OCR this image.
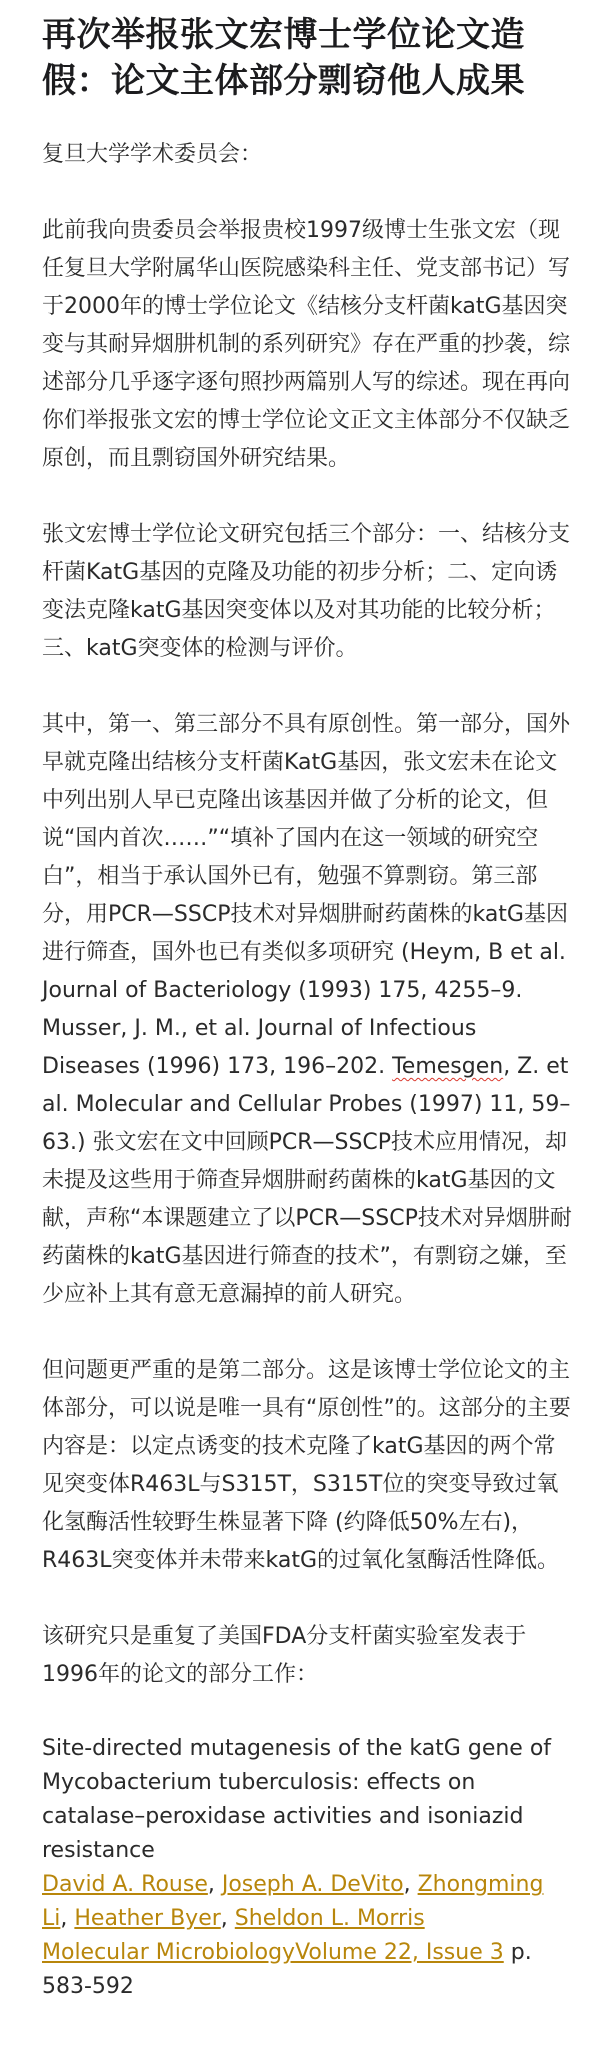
再次举报张文宏博士学位论文造假：论文主体部分剽窃他人成果

复旦大学学术委员会：

此前我向贵委员会举报贵校1997级博士生张文宏（现任复旦大学附属华山医院感染科主任、党支部书记）写于2000年的博士学位论文《结核分支杆菌katG基因突变与其耐异烟肼机制的系列研究》存在严重的抄袭，综述部分几乎逐字逐句照抄两篇别人写的综述。现在再向你们举报张文宏的博士学位论文正文主体部分不仅缺乏原创，而且剽窃国外研究结果。

张文宏博士学位论文研究包括三个部分：一、结核分支杆菌KatG基因的克隆及功能的初步分析；二、定向诱变法克隆katG基因突变体以及对其功能的比较分析；三、katG突变体的检测与评价。

其中，第一、第三部分不具有原创性。第一部分，国外早就克隆出结核分支杆菌KatG基因，张文宏未在论文中列出别人早已克隆出该基因并做了分析的论文，但说“国内首次……”“填补了国内在这一领域的研究空白”，相当于承认国外已有，勉强不算剽窃。第三部分，用PCR—SSCP技术对异烟肼耐药菌株的katG基因进行筛查，国外也已有类似多项研究 (Heym, B et al. Journal of Bacteriology (1993) 175, 4255–9. Musser, J. M., et al. Journal of Infectious Diseases (1996) 173, 196–202. Temesgen, Z. et al. Molecular and Cellular Probes (1997) 11, 59–63.) 张文宏在文中回顾PCR—SSCP技术应用情况，却未提及这些用于筛查异烟肼耐药菌株的katG基因的文献，声称“本课题建立了以PCR—SSCP技术对异烟肼耐药菌株的katG基因进行筛查的技术”，有剽窃之嫌，至少应补上其有意无意漏掉的前人研究。

但问题更严重的是第二部分。这是该博士学位论文的主体部分，可以说是唯一具有“原创性”的。这部分的主要内容是：以定点诱变的技术克隆了katG基因的两个常见突变体R463L与S315T，S315T位的突变导致过氧化氢酶活性较野生株显著下降 (约降低50%左右)，R463L突变体并未带来katG的过氧化氢酶活性降低。

该研究只是重复了美国FDA分支杆菌实验室发表于1996年的论文的部分工作：

Site-directed mutagenesis of the katG gene of Mycobacterium tuberculosis: effects on catalase–peroxidase activities and isoniazid resistance
David A. Rouse, Joseph A. DeVito, Zhongming Li, Heather Byer, Sheldon L. Morris
Molecular MicrobiologyVolume 22, Issue 3 p. 583-592
